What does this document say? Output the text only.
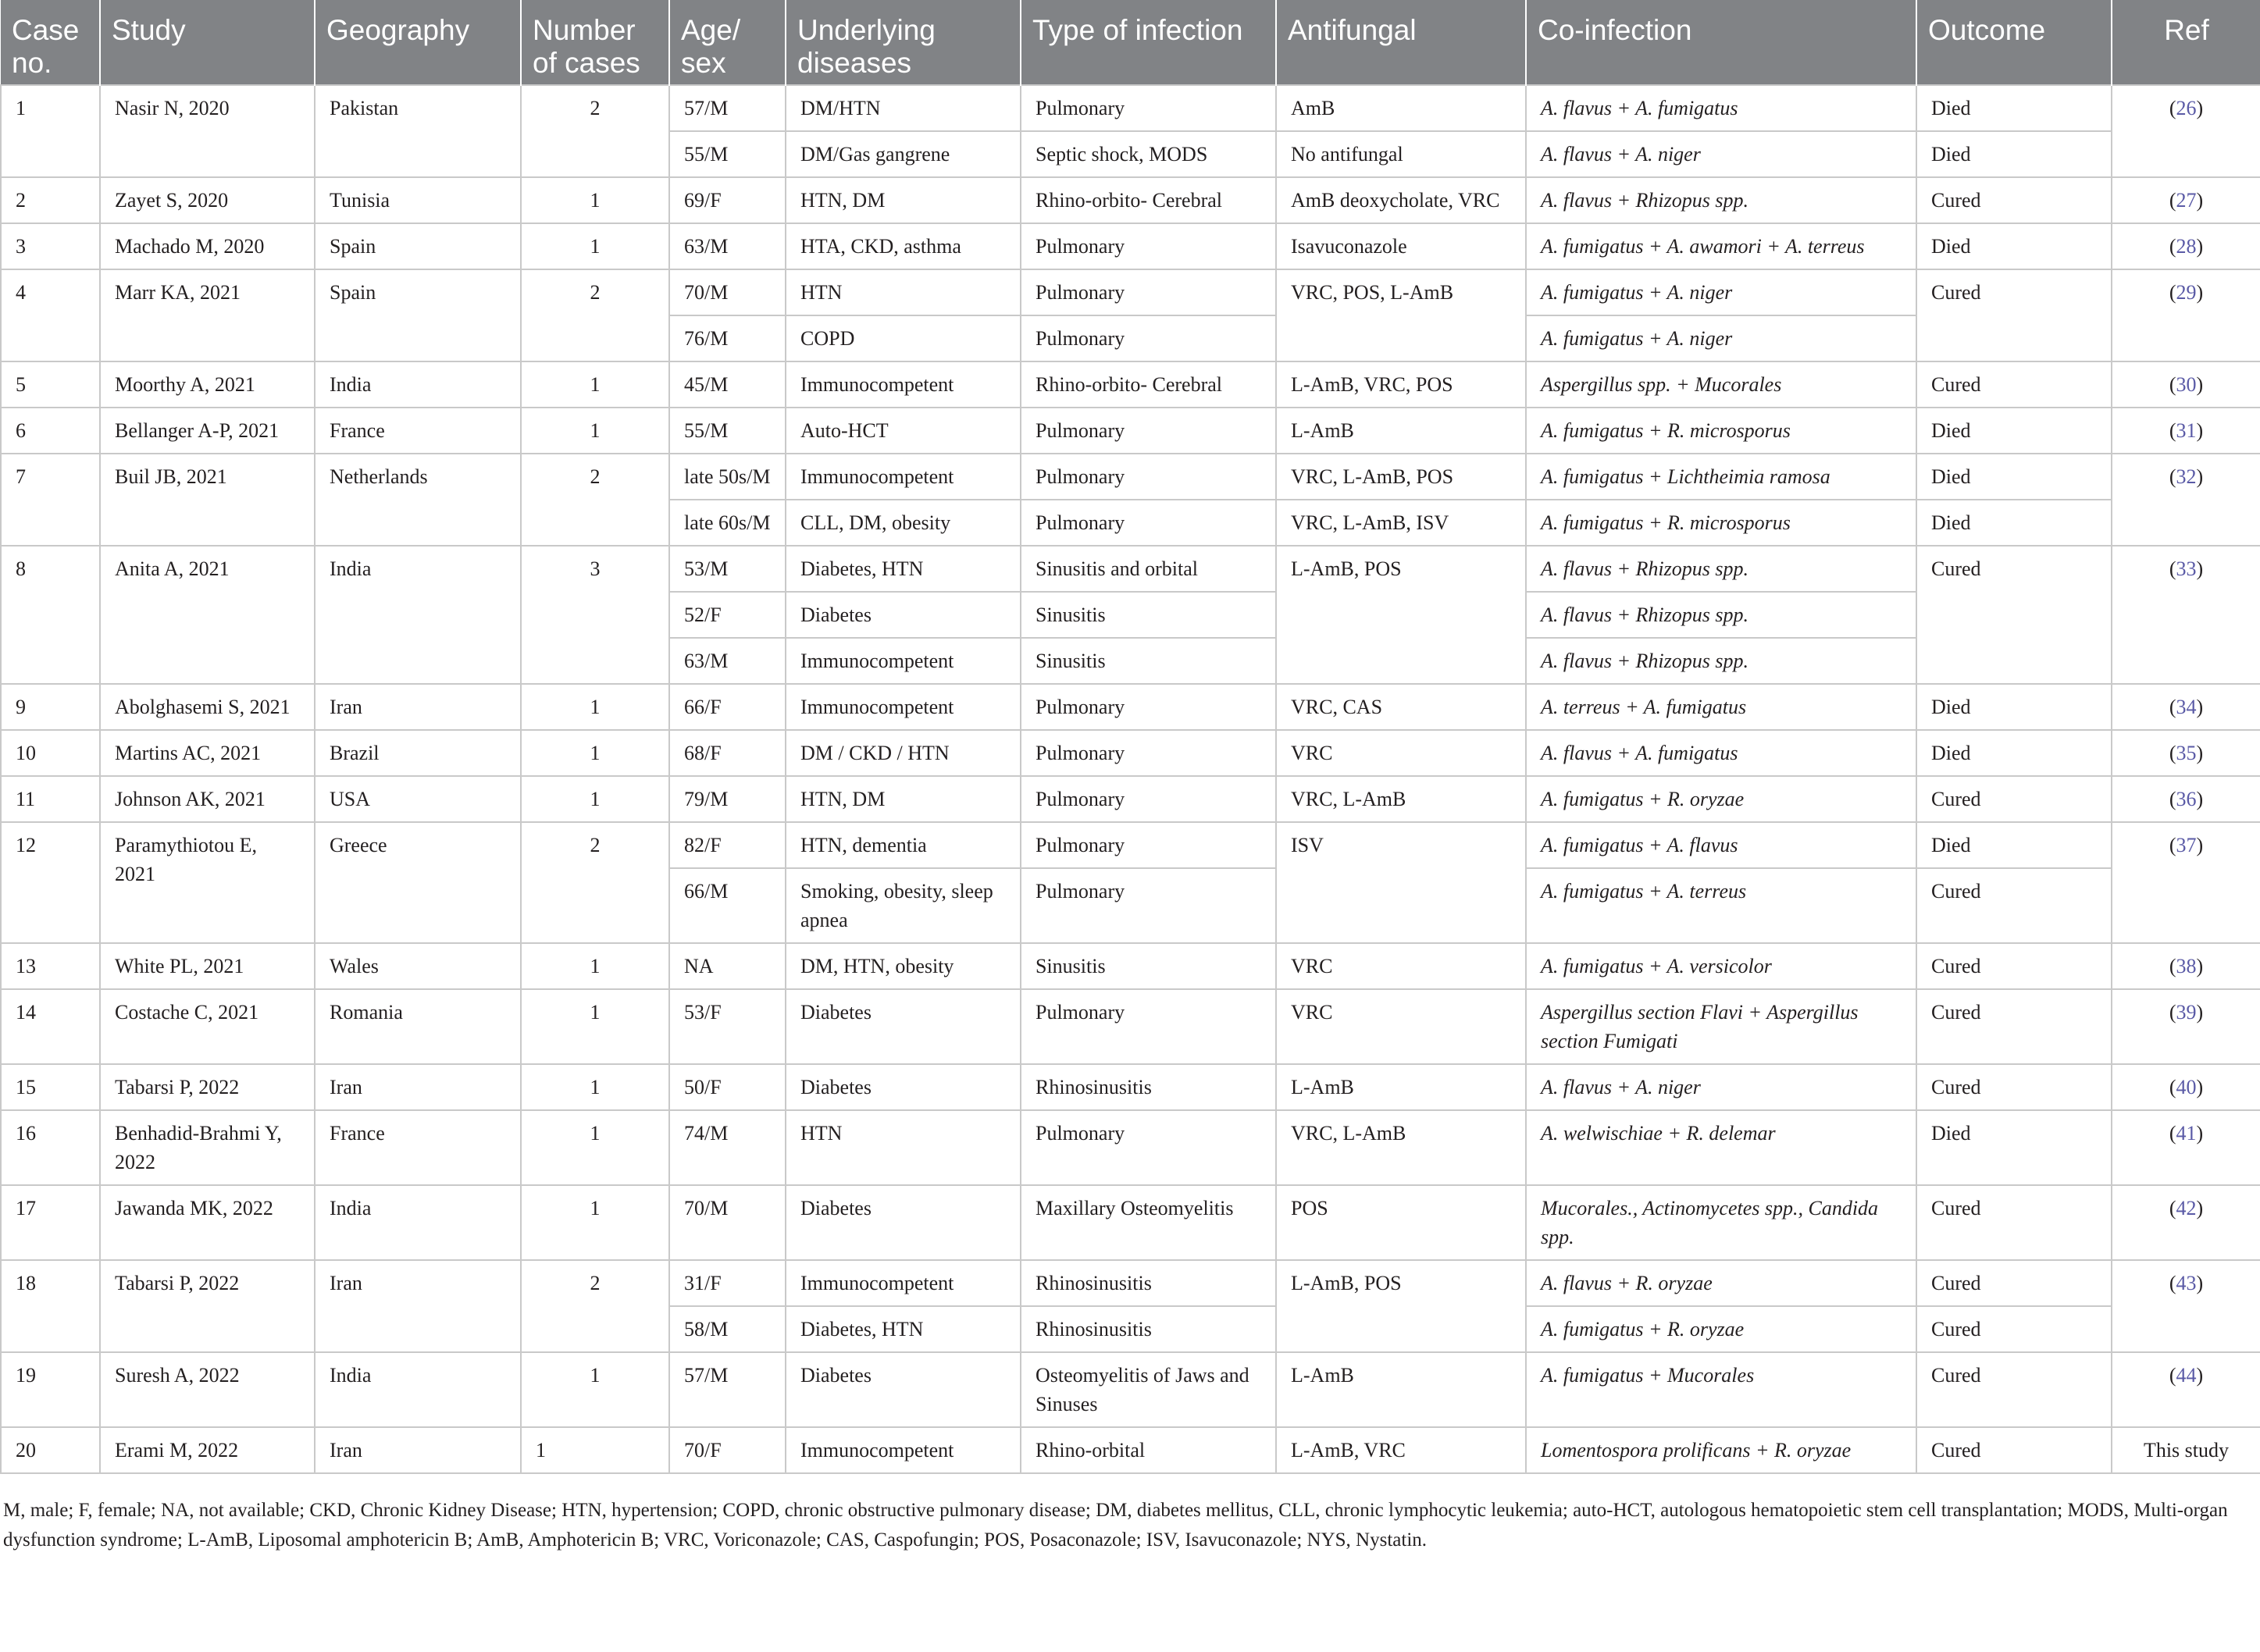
Case no.	Study	Geography	Number of cases	Age/ sex	Underlying diseases	Type of infection	Antifungal	Co-infection	Outcome	Ref
1	Nasir N, 2020	Pakistan	2	57/M	DM/HTN	Pulmonary	AmB	A. flavus + A. fumigatus	Died	(26)
				55/M	DM/Gas gangrene	Septic shock, MODS	No antifungal	A. flavus + A. niger	Died	
2	Zayet S, 2020	Tunisia	1	69/F	HTN, DM	Rhino-orbito- Cerebral	AmB deoxycholate, VRC	A. flavus + Rhizopus spp.	Cured	(27)
3	Machado M, 2020	Spain	1	63/M	HTA, CKD, asthma	Pulmonary	Isavuconazole	A. fumigatus + A. awamori + A. terreus	Died	(28)
4	Marr KA, 2021	Spain	2	70/M	HTN	Pulmonary	VRC, POS, L-AmB	A. fumigatus + A. niger	Cured	(29)
				76/M	COPD	Pulmonary		A. fumigatus + A. niger		
5	Moorthy A, 2021	India	1	45/M	Immunocompetent	Rhino-orbito- Cerebral	L-AmB, VRC, POS	Aspergillus spp. + Mucorales	Cured	(30)
6	Bellanger A-P, 2021	France	1	55/M	Auto-HCT	Pulmonary	L-AmB	A. fumigatus + R. microsporus	Died	(31)
7	Buil JB, 2021	Netherlands	2	late 50s/M	Immunocompetent	Pulmonary	VRC, L-AmB, POS	A. fumigatus + Lichtheimia ramosa	Died	(32)
				late 60s/M	CLL, DM, obesity	Pulmonary	VRC, L-AmB, ISV	A. fumigatus + R. microsporus	Died	
8	Anita A, 2021	India	3	53/M	Diabetes, HTN	Sinusitis and orbital	L-AmB, POS	A. flavus + Rhizopus spp.	Cured	(33)
				52/F	Diabetes	Sinusitis		A. flavus + Rhizopus spp.		
				63/M	Immunocompetent	Sinusitis		A. flavus + Rhizopus spp.		
9	Abolghasemi S, 2021	Iran	1	66/F	Immunocompetent	Pulmonary	VRC, CAS	A. terreus + A. fumigatus	Died	(34)
10	Martins AC, 2021	Brazil	1	68/F	DM / CKD / HTN	Pulmonary	VRC	A. flavus + A. fumigatus	Died	(35)
11	Johnson AK, 2021	USA	1	79/M	HTN, DM	Pulmonary	VRC, L-AmB	A. fumigatus + R. oryzae	Cured	(36)
12	Paramythiotou E, 2021	Greece	2	82/F	HTN, dementia	Pulmonary	ISV	A. fumigatus + A. flavus	Died	(37)
				66/M	Smoking, obesity, sleep apnea	Pulmonary		A. fumigatus + A. terreus	Cured	
13	White PL, 2021	Wales	1	NA	DM, HTN, obesity	Sinusitis	VRC	A. fumigatus + A. versicolor	Cured	(38)
14	Costache C, 2021	Romania	1	53/F	Diabetes	Pulmonary	VRC	Aspergillus section Flavi + Aspergillus section Fumigati	Cured	(39)
15	Tabarsi P, 2022	Iran	1	50/F	Diabetes	Rhinosinusitis	L-AmB	A. flavus + A. niger	Cured	(40)
16	Benhadid-Brahmi Y, 2022	France	1	74/M	HTN	Pulmonary	VRC, L-AmB	A. welwischiae + R. delemar	Died	(41)
17	Jawanda MK, 2022	India	1	70/M	Diabetes	Maxillary Osteomyelitis	POS	Mucorales., Actinomycetes spp., Candida spp.	Cured	(42)
18	Tabarsi P, 2022	Iran	2	31/F	Immunocompetent	Rhinosinusitis	L-AmB, POS	A. flavus + R. oryzae	Cured	(43)
				58/M	Diabetes, HTN	Rhinosinusitis		A. fumigatus + R. oryzae	Cured	
19	Suresh A, 2022	India	1	57/M	Diabetes	Osteomyelitis of Jaws and Sinuses	L-AmB	A. fumigatus + Mucorales	Cured	(44)
20	Erami M, 2022	Iran	1	70/F	Immunocompetent	Rhino-orbital	L-AmB, VRC	Lomentospora prolificans + R. oryzae	Cured	This study
M, male; F, female; NA, not available; CKD, Chronic Kidney Disease; HTN, hypertension; COPD, chronic obstructive pulmonary disease; DM, diabetes mellitus, CLL, chronic lymphocytic leukemia; auto-HCT, autologous hematopoietic stem cell transplantation; MODS, Multi-organ dysfunction syndrome; L-AmB, Liposomal amphotericin B; AmB, Amphotericin B; VRC, Voriconazole; CAS, Caspofungin; POS, Posaconazole; ISV, Isavuconazole; NYS, Nystatin.
